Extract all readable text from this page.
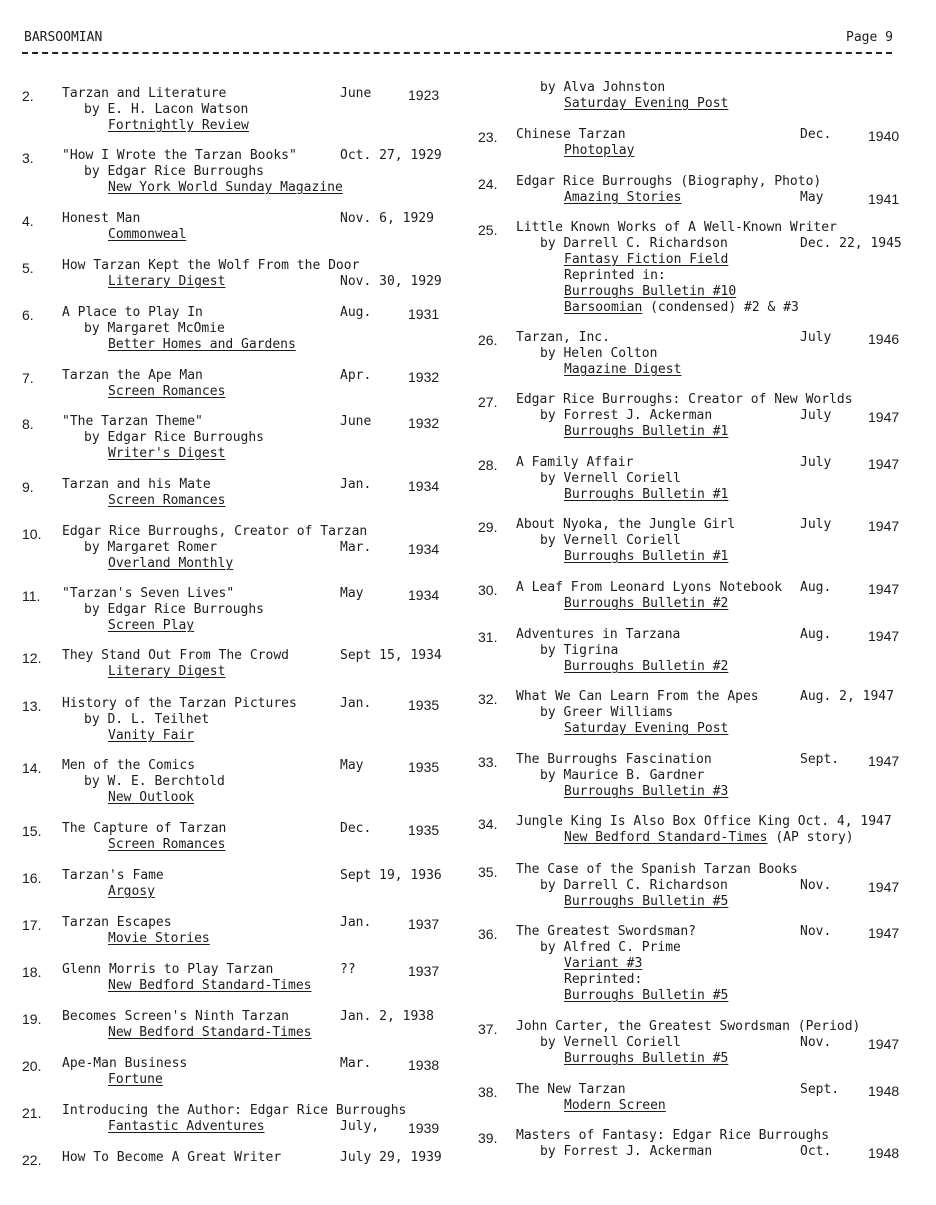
BARSOOMIAN	Page 9
2.	Tarzan and Literature
by E. H. Lacon Watson
Fortnightly Review
June	1923
3.	"How I Wrote the Tarzan Books"
by Edgar Rice Burroughs
New York World Sunday Magazine
Oct. 27, 1929
4.	Honest Man
Commonweal
Nov. 6, 1929
5.	How Tarzan Kept the Wolf From the Door
Literary Digest	Nov. 30, 1929
6.	A Place to Play In
by Margaret McOmie
Better Homes and Gardens
Aug.	1931
7.	Tarzan the Ape Man
Screen Romances
Apr.	1932
8.	"The Tarzan Theme"
by Edgar Rice Burroughs
Writer's Digest
June	1932
9.	Tarzan and his Mate
Screen Romances
Jan.	1934
10.	Edgar Rice Burroughs, Creator of Tarzan
by Margaret Romer
Overland Monthly
Mar.	1934
11.	"Tarzan's Seven Lives"
by Edgar Rice Burroughs
Screen Play
May	1934
12.	They Stand Out From The Crowd
Literary Digest
Sept 15, 1934
13.	History of the Tarzan Pictures
by D. L. Teilhet
Vanity Fair
Jan.	1935
14.	Men of the Comics
by W. E. Berchtold
New Outlook
May	1935
15.	The Capture of Tarzan
Screen Romances
Dec.	1935
16.	Tarzan's Fame
Argosy
Sept 19, 1936
17.	Tarzan Escapes
Movie Stories
Jan.	1937
18.	Glenn Morris to Play Tarzan
New Bedford Standard-Times
??	1937
19.	Becomes Screen's Ninth Tarzan
New Bedford Standard-Times
Jan. 2, 1938
20.	Ape-Man Business
Fortune
Mar.	1938
21.	Introducing the Author: Edgar Rice Burroughs
Fantastic Adventures	July, 1939
22.	How To Become A Great Writer	July 29, 1939
by Alva Johnston
Saturday Evening Post
23.	Chinese Tarzan
Photoplay
Dec.	1940
24.	Edgar Rice Burroughs (Biography, Photo)
Amazing Stories	May	1941
25.	Little Known Works of A Well-Known Writer
by Darrell C. Richardson
Fantasy Fiction Field
Reprinted in:
Burroughs Bulletin #10
Barsoomian (condensed) #2 & #3
Dec. 22, 1945
26.	Tarzan, Inc.
by Helen Colton
Magazine Digest
July	1946
27.	Edgar Rice Burroughs: Creator of New Worlds
by Forrest J. Ackerman
Burroughs Bulletin #1
July	1947
28.	A Family Affair
by Vernell Coriell
Burroughs Bulletin #1
July	1947
29.	About Nyoka, the Jungle Girl
by Vernell Coriell
Burroughs Bulletin #1
July	1947
30.	A Leaf From Leonard Lyons Notebook
Burroughs Bulletin #2
Aug.	1947
31.	Adventures in Tarzana
by Tigrina
Burroughs Bulletin #2
Aug.	1947
32.	What We Can Learn From the Apes
by Greer Williams
Saturday Evening Post
Aug. 2, 1947
33.	The Burroughs Fascination
by Maurice B. Gardner
Burroughs Bulletin #3
Sept. 1947
34.	Jungle King Is Also Box Office King Oct. 4, 1947
New Bedford Standard-Times (AP story)
35.	The Case of the Spanish Tarzan Books
by Darrell C. Richardson
Burroughs Bulletin #5
Nov.	1947
36.	The Greatest Swordsman?
by Alfred C. Prime
Variant #3
Reprinted:
Burroughs Bulletin #5
Nov.	1947
37.	John Carter, the Greatest Swordsman (Period)
by Vernell Coriell
Burroughs Bulletin #5
Nov.	1947
38.	The New Tarzan
Modern Screen
Sept. 1948
39.	Masters of Fantasy: Edgar Rice Burroughs
by Forrest J. Ackerman	Oct.	1948
